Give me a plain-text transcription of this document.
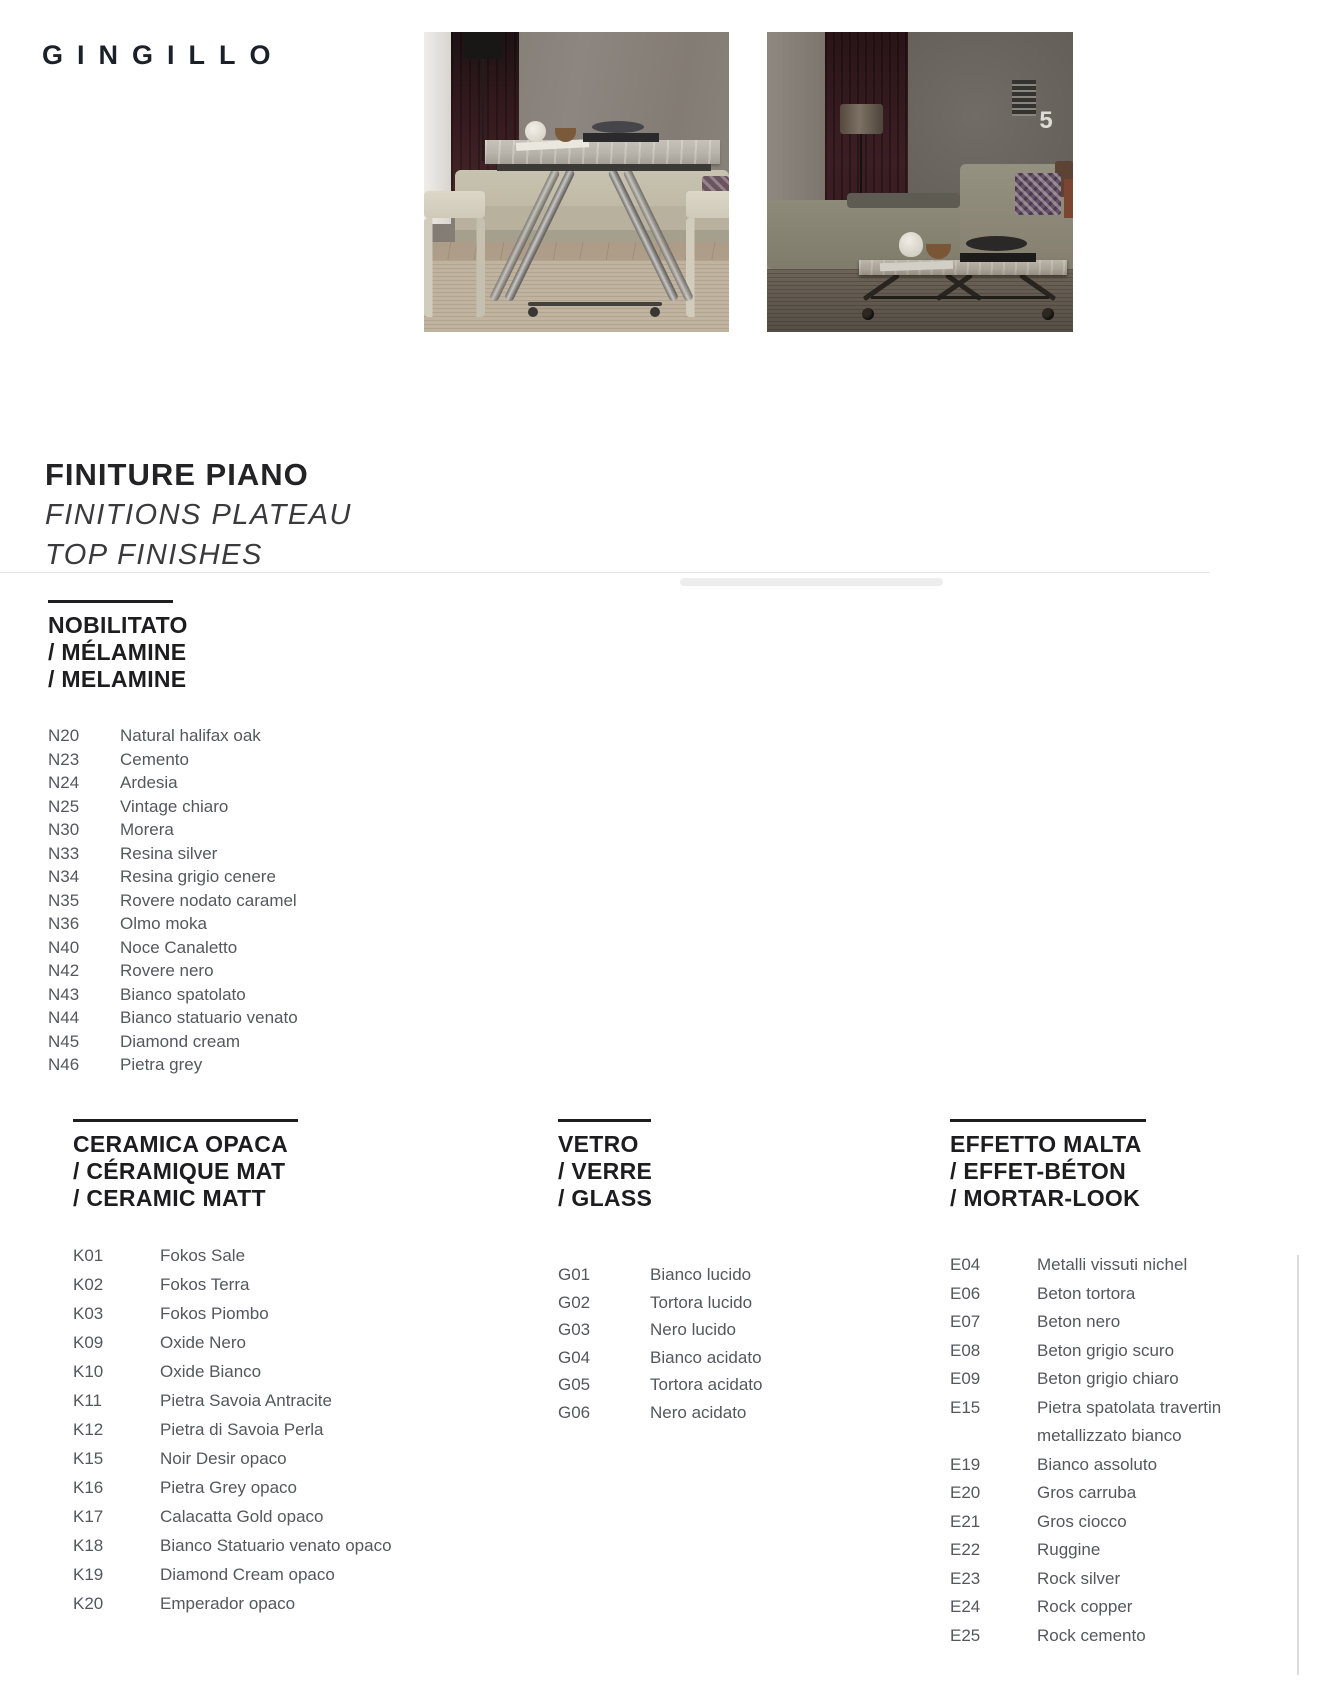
GINGILLO
5
FINITURE PIANO
FINITIONS PLATEAU
TOP FINISHES
NOBILITATO
/ MÉLAMINE
/ MELAMINE
N20	Natural halifax oak
N23	Cemento
N24	Ardesia
N25	Vintage chiaro
N30	Morera
N33	Resina silver
N34	Resina grigio cenere
N35	Rovere nodato caramel
N36	Olmo moka
N40	Noce Canaletto
N42	Rovere nero
N43	Bianco spatolato
N44	Bianco statuario venato
N45	Diamond cream
N46	Pietra grey
CERAMICA OPACA
/ CÉRAMIQUE MAT
/ CERAMIC MATT
K01	Fokos Sale
K02	Fokos Terra
K03	Fokos Piombo
K09	Oxide Nero
K10	Oxide Bianco
K11	Pietra Savoia Antracite
K12	Pietra di Savoia Perla
K15	Noir Desir opaco
K16	Pietra Grey opaco
K17	Calacatta Gold opaco
K18	Bianco Statuario venato opaco
K19	Diamond Cream opaco
K20	Emperador opaco
VETRO
/ VERRE
/ GLASS
G01	Bianco lucido
G02	Tortora lucido
G03	Nero lucido
G04	Bianco acidato
G05	Tortora acidato
G06	Nero acidato
EFFETTO MALTA
/ EFFET-BÉTON
/ MORTAR-LOOK
E04	Metalli vissuti nichel
E06	Beton tortora
E07	Beton nero
E08	Beton grigio scuro
E09	Beton grigio chiaro
E15	Pietra spatolata travertin
metallizzato bianco
E19	Bianco assoluto
E20	Gros carruba
E21	Gros ciocco
E22	Ruggine
E23	Rock silver
E24	Rock copper
E25	Rock cemento
